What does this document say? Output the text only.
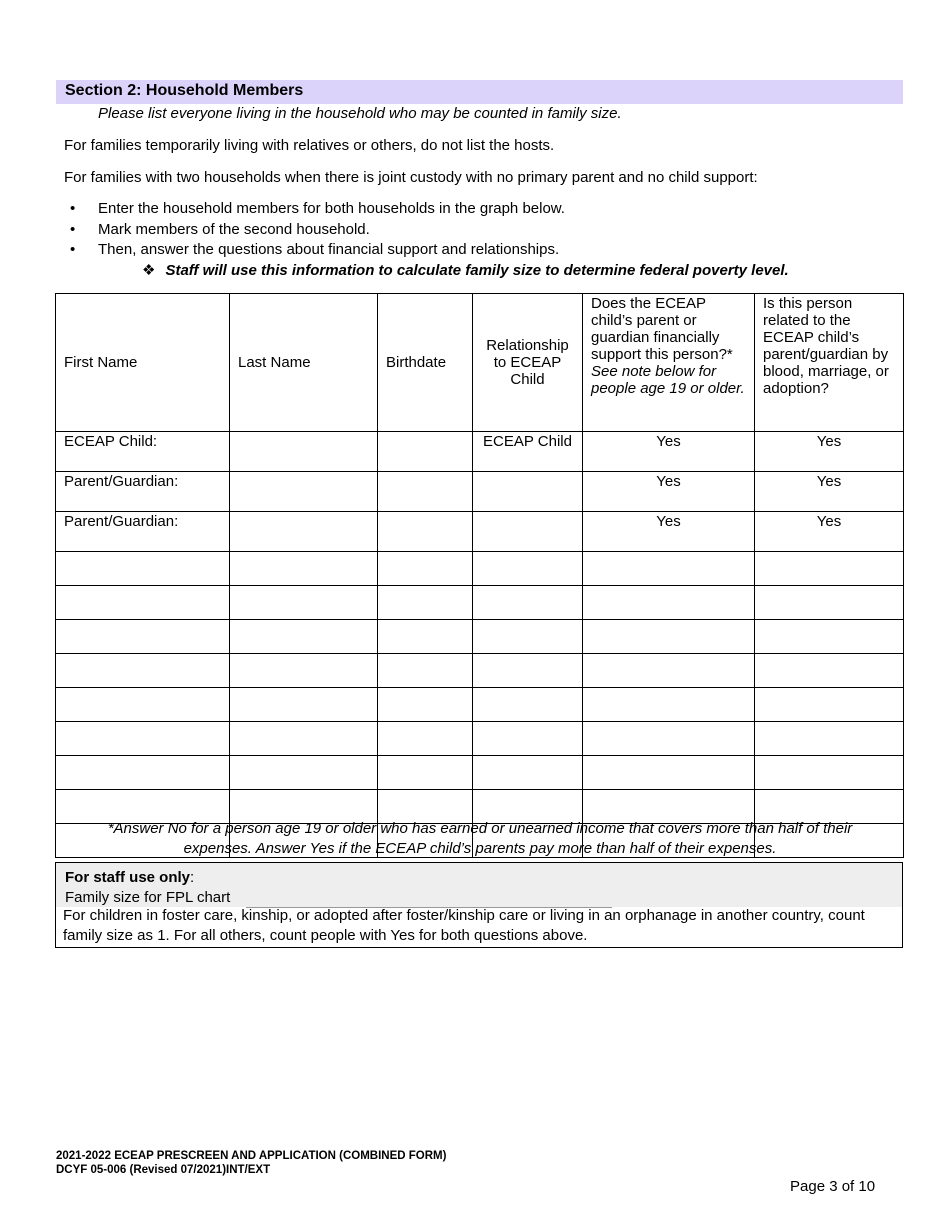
Section 2: Household Members
Please list everyone living in the household who may be counted in family size.
For families temporarily living with relatives or others, do not list the hosts.
For families with two households when there is joint custody with no primary parent and no child support:
• Enter the household members for both households in the graph below.
• Mark members of the second household.
• Then, answer the questions about financial support and relationships.
❖ Staff will use this information to calculate family size to determine federal poverty level.
First Name	Last Name	Birthdate	Relationship to ECEAP Child	Does the ECEAP child’s parent or guardian financially support this person?* See note below for people age 19 or older.	Is this person related to the ECEAP child’s parent/guardian by blood, marriage, or adoption?
ECEAP Child:			ECEAP Child	Yes	Yes
Parent/Guardian:				Yes	Yes
Parent/Guardian:				Yes	Yes

*Answer No for a person age 19 or older who has earned or unearned income that covers more than half of their
expenses. Answer Yes if the ECEAP child’s parents pay more than half of their expenses.
For staff use only:
Family size for FPL chart
For children in foster care, kinship, or adopted after foster/kinship care or living in an orphanage in another country, count family size as 1. For all others, count people with Yes for both questions above.
2021-2022 ECEAP PRESCREEN AND APPLICATION (COMBINED FORM) DCYF 05-006 (Revised 07/2021)INT/EXT
Page 3 of 10
